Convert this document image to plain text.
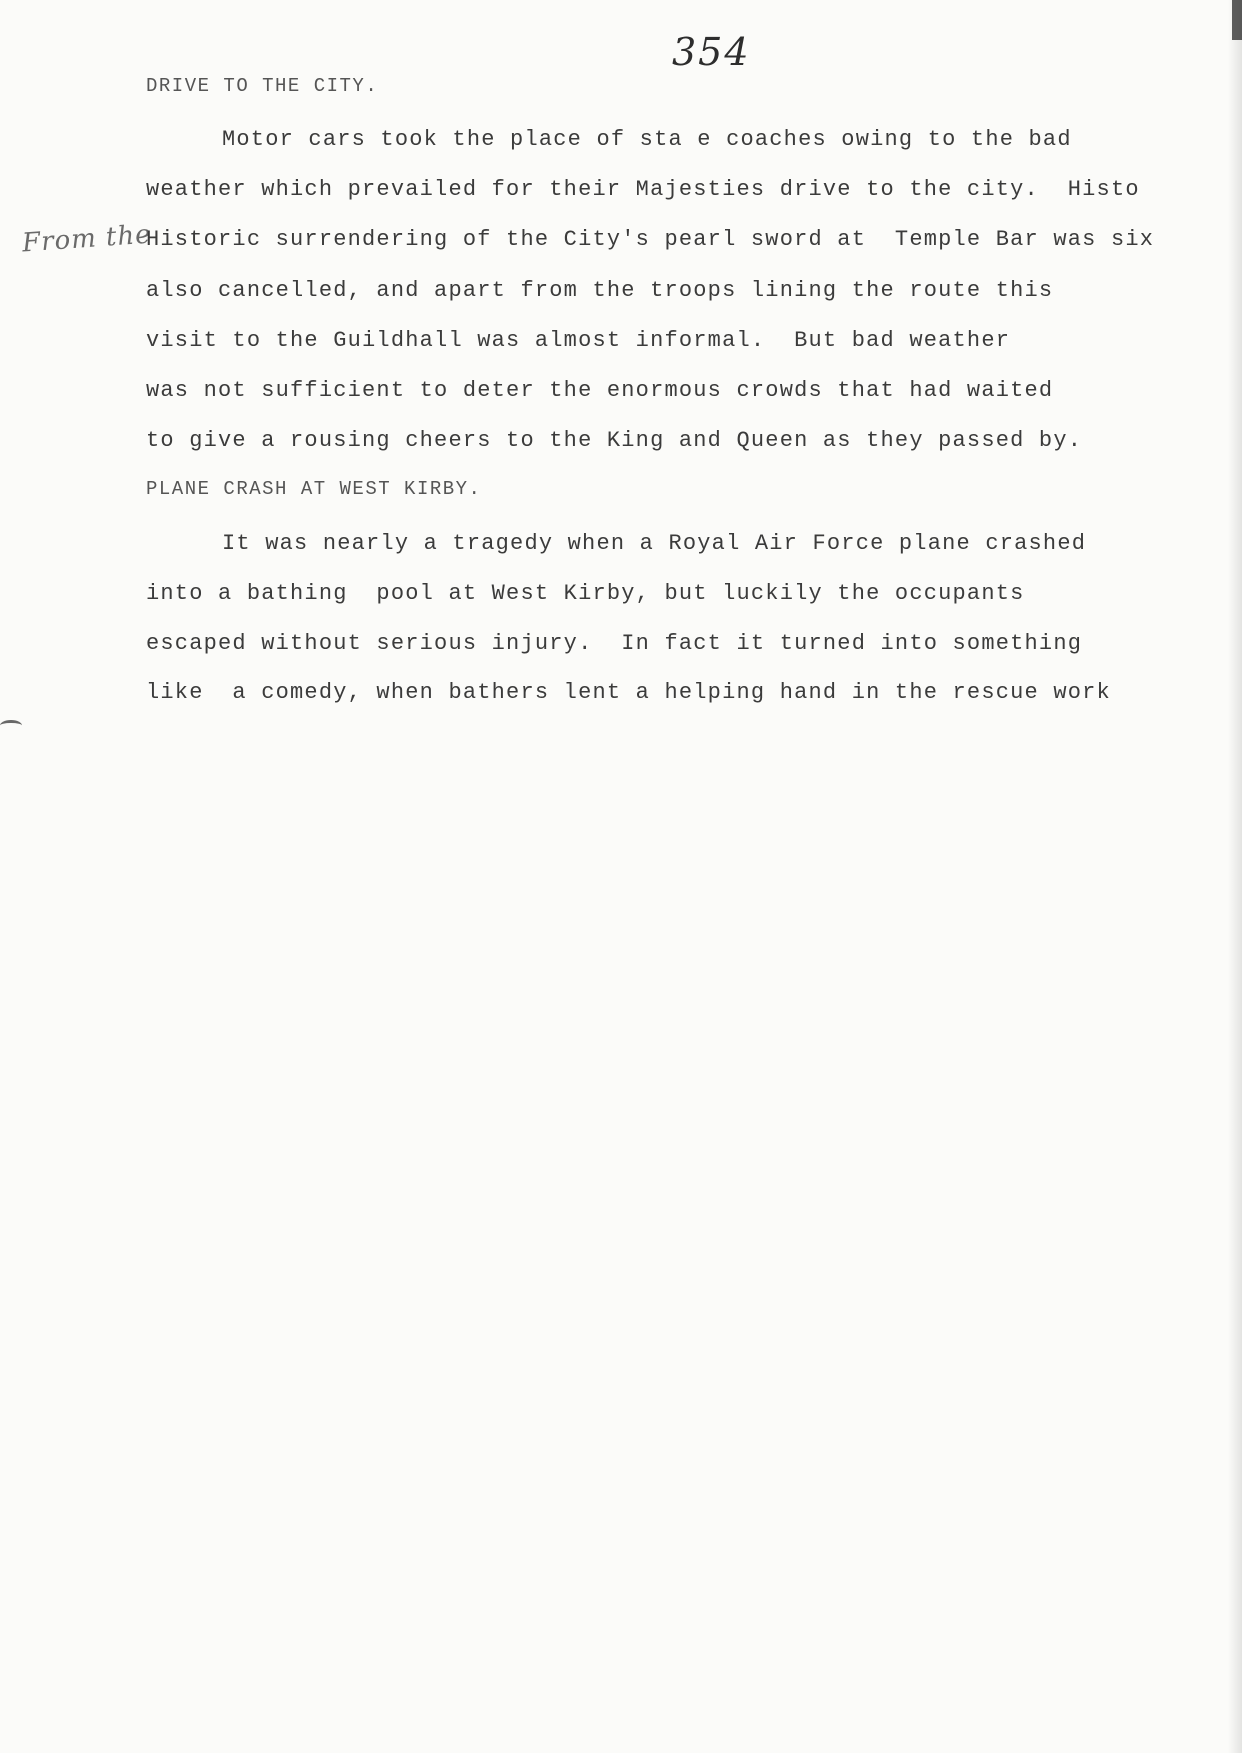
354
From the
DRIVE TO THE CITY.
Motor cars took the place of sta e coaches owing to the bad
weather which prevailed for their Majesties drive to the city.  Histo
Historic surrendering of the City's pearl sword at  Temple Bar was six
also cancelled, and apart from the troops lining the route this
visit to the Guildhall was almost informal.  But bad weather
was not sufficient to deter the enormous crowds that had waited
to give a rousing cheers to the King and Queen as they passed by.
PLANE CRASH AT WEST KIRBY.
It was nearly a tragedy when a Royal Air Force plane crashed
into a bathing  pool at West Kirby, but luckily the occupants
escaped without serious injury.  In fact it turned into something
like  a comedy, when bathers lent a helping hand in the rescue work
